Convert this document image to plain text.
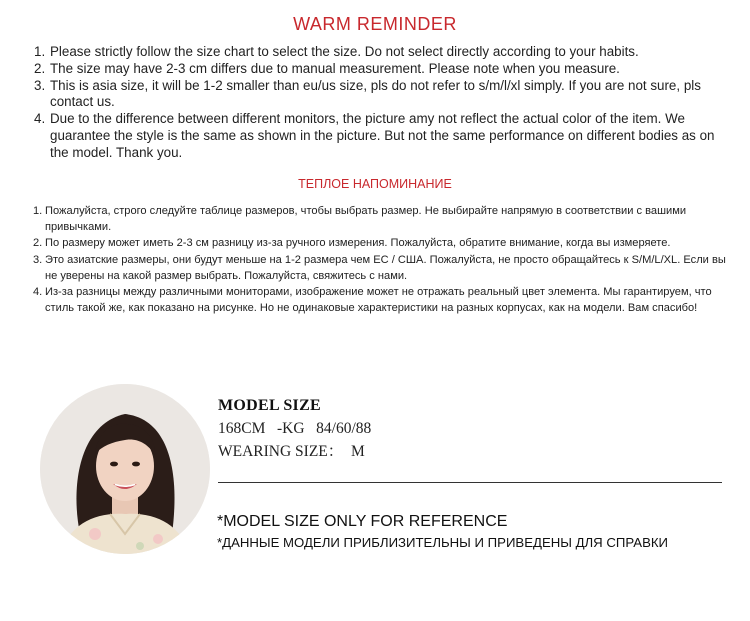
WARM REMINDER
1. Please strictly follow the size chart to select the size. Do not select directly according to your habits.
2. The size may have 2-3 cm differs due to manual measurement. Please note when you measure.
3. This is asia size, it will be 1-2 smaller than eu/us size, pls do not refer to s/m/l/xl simply. If you are not sure, pls contact us.
4. Due to the difference between different monitors, the picture amy not reflect the actual color of the item. We guarantee the style is the same as shown in the picture. But not the same performance on different bodies as on the model. Thank you.
ТЕПЛОЕ НАПОМИНАНИЕ
1. Пожалуйста, строго следуйте таблице размеров, чтобы выбрать размер. Не выбирайте напрямую в соответствии с вашими привычками.
2. По размеру может иметь 2-3 см разницу из-за ручного измерения. Пожалуйста, обратите внимание, когда вы измеряете.
3. Это азиатские размеры, они будут меньше на 1-2 размера чем ЕС / США. Пожалуйста, не просто обращайтесь к S/M/L/XL. Если вы не уверены на какой размер выбрать. Пожалуйста, свяжитесь с нами.
4. Из-за разницы между различными мониторами, изображение может не отражать реальный цвет элемента. Мы гарантируем, что стиль такой же, как показано на рисунке. Но не одинаковые характеристики на разных корпусах, как на модели. Вам спасибо!
MODEL SIZE
168CM   -KG   84/60/88
WEARING SIZE：  M
*MODEL SIZE ONLY FOR REFERENCE
*ДАННЫЕ МОДЕЛИ ПРИБЛИЗИТЕЛЬНЫ И ПРИВЕДЕНЫ ДЛЯ СПРАВКИ
